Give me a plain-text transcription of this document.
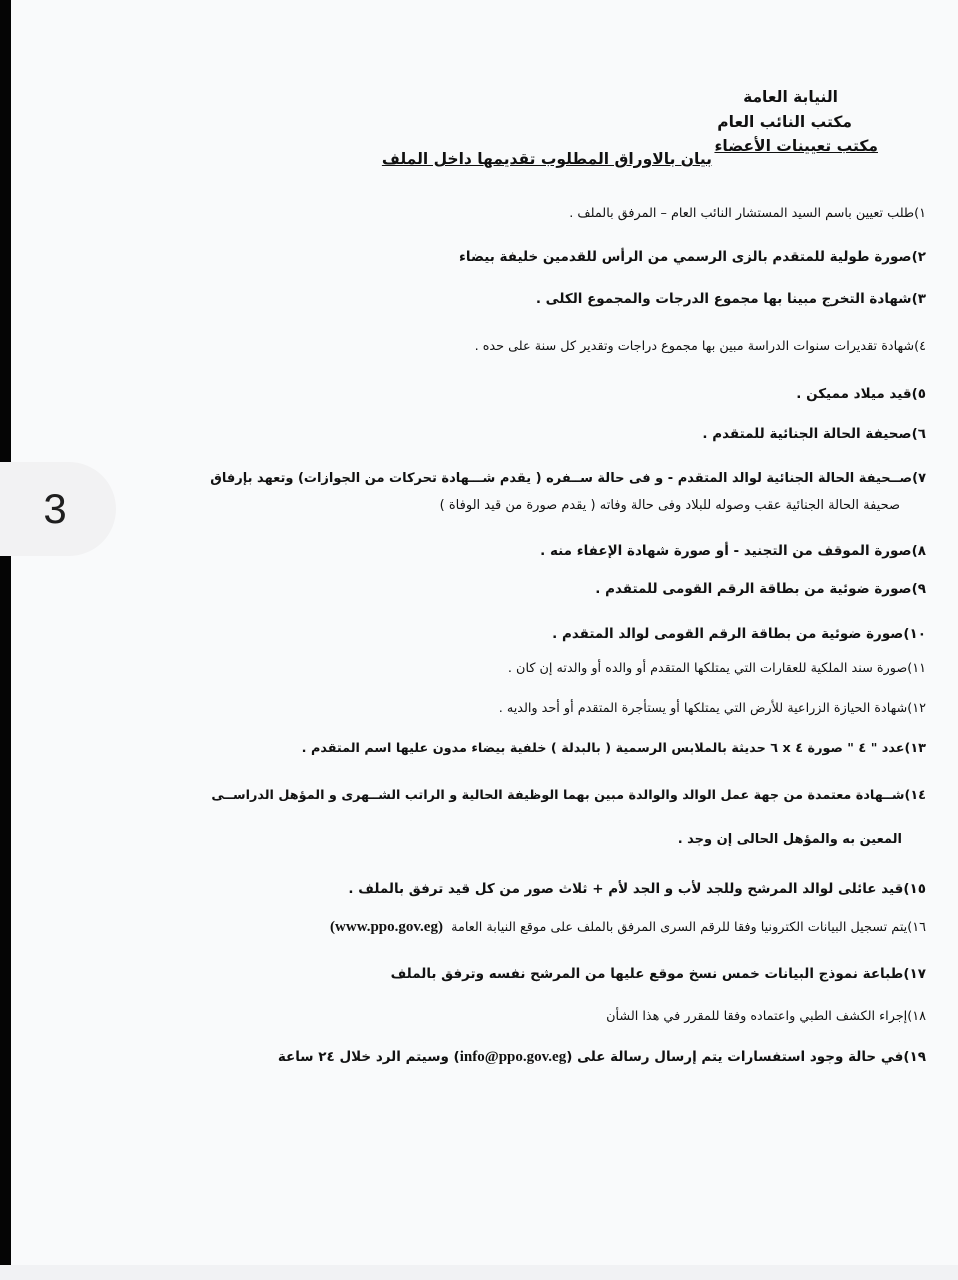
3
النيابة العامة
مكتب النائب العام
مكتب تعيينات الأعضاء
بيان بالاوراق المطلوب تقديمها داخل الملف
١)طلب تعيين باسم السيد المستشار النائب العام – المرفق بالملف .
٢)صورة طولية للمتقدم بالزى الرسمي من الرأس للقدمين خليفة بيضاء
٣)شهادة التخرج مبينا بها مجموع الدرجات والمجموع الكلى .
٤)شهادة تقديرات سنوات الدراسة مبين بها مجموع دراجات وتقدير كل سنة على حده .
٥)قيد ميلاد مميكن .
٦)صحيفة الحالة الجنائية للمتقدم .
٧)صــحيفة الحالة الجنائية لوالد المتقدم - و فى حالة ســفره ( يقدم شـــهادة تحركات من الجوازات) وتعهد بإرفاق
صحيفة الحالة الجنائية عقب وصوله للبلاد وفى حالة وفاته ( يقدم صورة من قيد الوفاة )
٨)صورة الموقف من التجنيد - أو صورة شهادة الإعفاء منه .
٩)صورة ضوئية من بطاقة الرقم القومى للمتقدم .
١٠)صورة ضوئية من بطاقة الرقم القومى لوالد المتقدم .
١١)صورة سند الملكية للعقارات التي يمتلكها المتقدم أو والده أو والدته إن كان .
١٢)شهادة الحيازة الزراعية للأرض التي يمتلكها أو يستأجرة المتقدم أو أحد والديه .
١٣)عدد " ٤ " صورة ٤ x ٦ حديثة بالملابس الرسمية ( بالبدلة ) خلفية بيضاء مدون عليها اسم المتقدم .
١٤)شــهادة معتمدة من جهة عمل الوالد والوالدة مبين بهما الوظيفة الحالية و الراتب الشــهرى و المؤهل الدراســى
المعين به والمؤهل الحالى إن وجد .
١٥)قيد عائلى لوالد المرشح وللجد لأب و الجد لأم + ثلاث صور من كل قيد ترفق بالملف .
١٦)يتم تسجيل البيانات الكترونيا وفقا للرقم السرى المرفق بالملف على موقع النيابة العامة  (www.ppo.gov.eg)
١٧)طباعة نموذج البيانات خمس نسخ موقع عليها من المرشح نفسه وترفق بالملف
١٨)إجراء الكشف الطبي واعتماده وفقا للمقرر في هذا الشأن
١٩)في حالة وجود استفسارات يتم إرسال رسالة على (info@ppo.gov.eg) وسيتم الرد خلال ٢٤ ساعة
